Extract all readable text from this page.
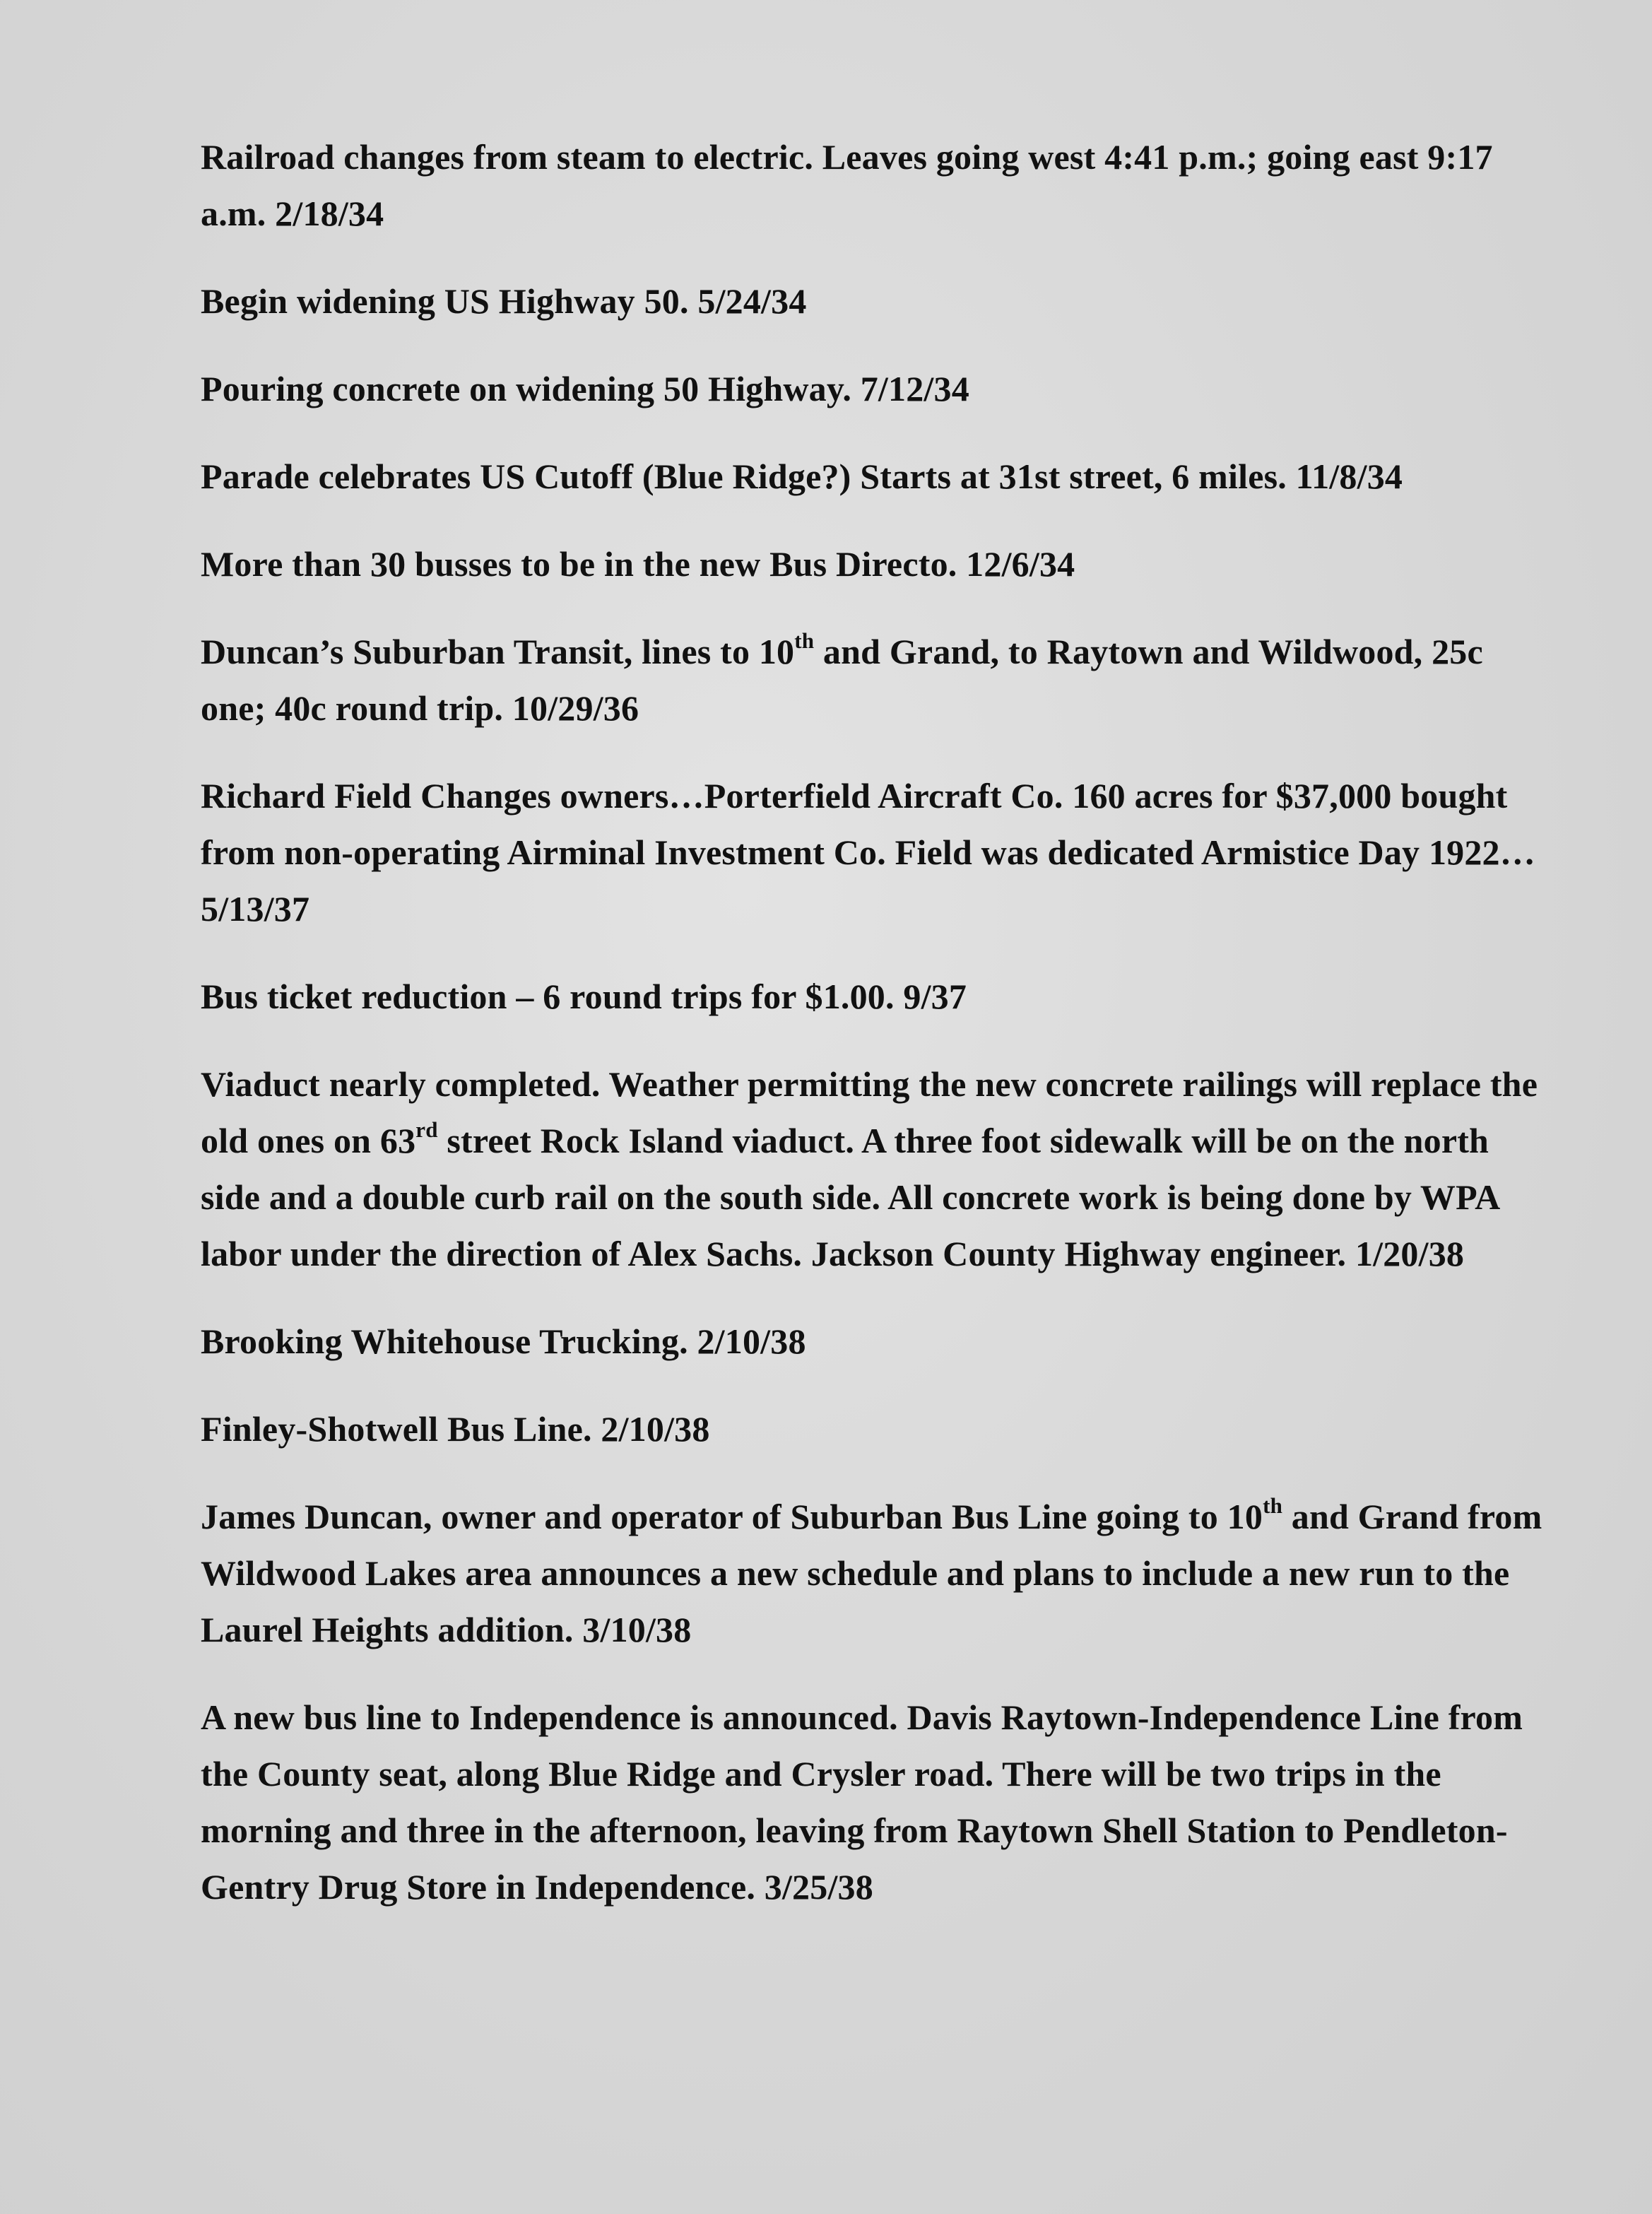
Railroad changes from steam to electric. Leaves going west 4:41 p.m.; going east 9:17 a.m. 2/18/34

Begin widening US Highway 50. 5/24/34

Pouring concrete on widening 50 Highway. 7/12/34

Parade celebrates US Cutoff (Blue Ridge?) Starts at 31st street, 6 miles. 11/8/34

More than 30 busses to be in the new Bus Directo. 12/6/34

Duncan’s Suburban Transit, lines to 10th and Grand, to Raytown and Wildwood, 25c one; 40c round trip. 10/29/36

Richard Field Changes owners…Porterfield Aircraft Co. 160 acres for $37,000 bought from non-operating Airminal Investment Co. Field was dedicated Armistice Day 1922…5/13/37

Bus ticket reduction – 6 round trips for $1.00. 9/37

Viaduct nearly completed. Weather permitting the new concrete railings will replace the old ones on 63rd street Rock Island viaduct. A three foot sidewalk will be on the north side and a double curb rail on the south side. All concrete work is being done by WPA labor under the direction of Alex Sachs. Jackson County Highway engineer. 1/20/38

Brooking Whitehouse Trucking. 2/10/38

Finley-Shotwell Bus Line. 2/10/38

James Duncan, owner and operator of Suburban Bus Line going to 10th and Grand from Wildwood Lakes area announces a new schedule and plans to include a new run to the Laurel Heights addition. 3/10/38

A new bus line to Independence is announced. Davis Raytown-Independence Line from the County seat, along Blue Ridge and Crysler road. There will be two trips in the morning and three in the afternoon, leaving from Raytown Shell Station to Pendleton-Gentry Drug Store in Independence. 3/25/38
